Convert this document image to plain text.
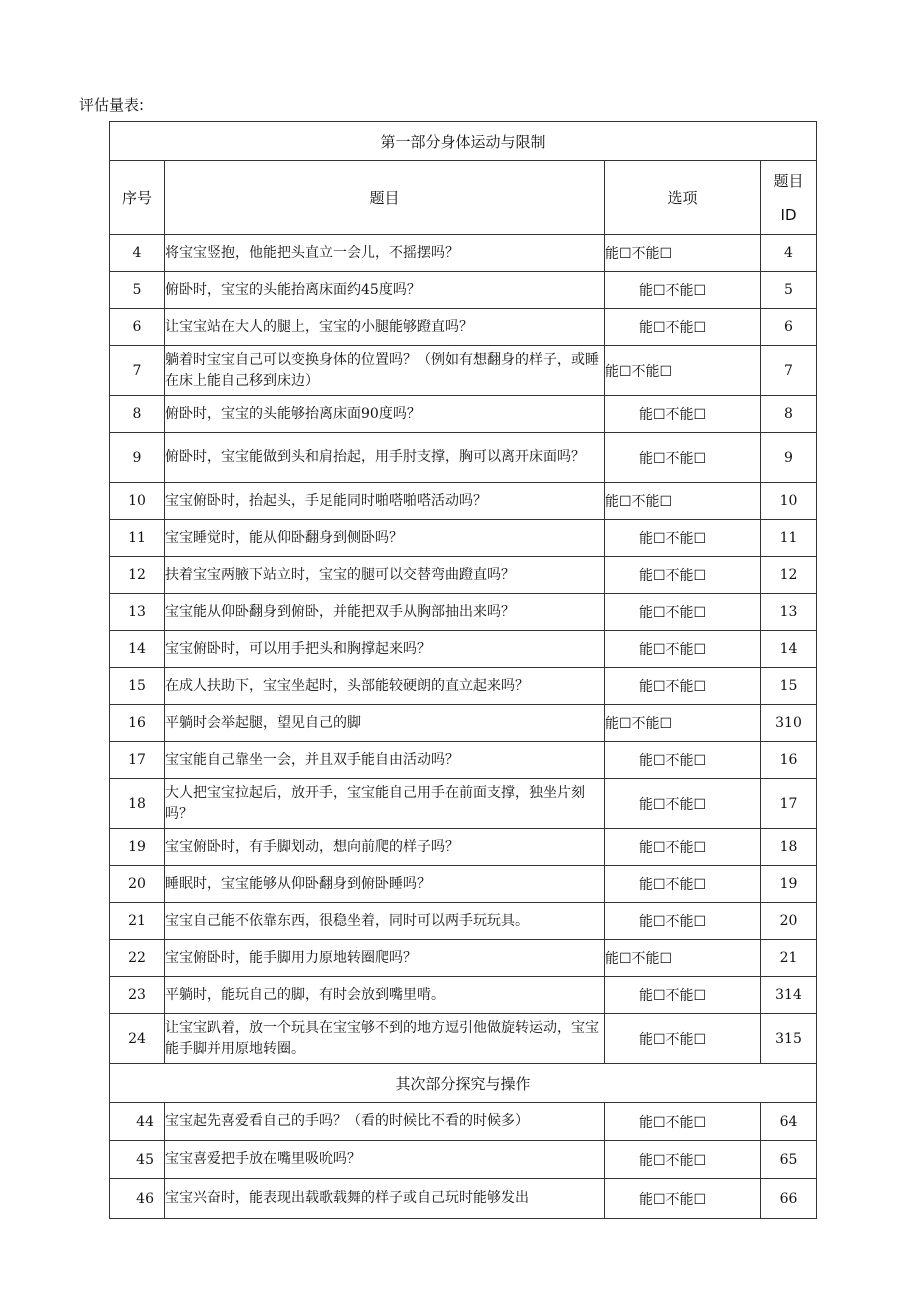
评估量表:
第一部分身体运动与限制			
序号	题目	选项	题目
ID
4	将宝宝竖抱，他能把头直立一会儿，不摇摆吗？	能☐不能☐	4
5	俯卧时，宝宝的头能抬离床面约45度吗？	能☐不能☐	5
6	让宝宝站在大人的腿上，宝宝的小腿能够蹬直吗？	能☐不能☐	6
7	躺着时宝宝自己可以变换身体的位置吗？（例如有想翻身的样子，或睡在床上能自己移到床边）	能☐不能☐	7
8	俯卧时，宝宝的头能够抬离床面90度吗？	能☐不能☐	8
9	俯卧时，宝宝能做到头和肩抬起，用手肘支撑，胸可以离开床面吗？	能☐不能☐	9
10	宝宝俯卧时，抬起头，手足能同时啪嗒啪嗒活动吗？	能☐不能☐	10
11	宝宝睡觉时，能从仰卧翻身到侧卧吗？	能☐不能☐	11
12	扶着宝宝两腋下站立时，宝宝的腿可以交替弯曲蹬直吗？	能☐不能☐	12
13	宝宝能从仰卧翻身到俯卧，并能把双手从胸部抽出来吗？	能☐不能☐	13
14	宝宝俯卧时，可以用手把头和胸撑起来吗？	能☐不能☐	14
15	在成人扶助下，宝宝坐起时，头部能较硬朗的直立起来吗？	能☐不能☐	15
16	平躺时会举起腿，望见自己的脚	能☐不能☐	310
17	宝宝能自己靠坐一会，并且双手能自由活动吗？	能☐不能☐	16
18	大人把宝宝拉起后，放开手，宝宝能自己用手在前面支撑，独坐片刻吗？	能☐不能☐	17
19	宝宝俯卧时，有手脚划动，想向前爬的样子吗？	能☐不能☐	18
20	睡眠时，宝宝能够从仰卧翻身到俯卧睡吗？	能☐不能☐	19
21	宝宝自己能不依靠东西，很稳坐着，同时可以两手玩玩具。	能☐不能☐	20
22	宝宝俯卧时，能手脚用力原地转圈爬吗？	能☐不能☐	21
23	平躺时，能玩自己的脚，有时会放到嘴里啃。	能☐不能☐	314
24	让宝宝趴着，放一个玩具在宝宝够不到的地方逗引他做旋转运动，宝宝能手脚并用原地转圈。	能☐不能☐	315
其次部分探究与操作			
44	宝宝起先喜爱看自己的手吗？（看的时候比不看的时候多）	能☐不能☐	64
45	宝宝喜爱把手放在嘴里吸吮吗？	能☐不能☐	65
46	宝宝兴奋时，能表现出载歌载舞的样子或自己玩时能够发出	能☐不能☐	66
